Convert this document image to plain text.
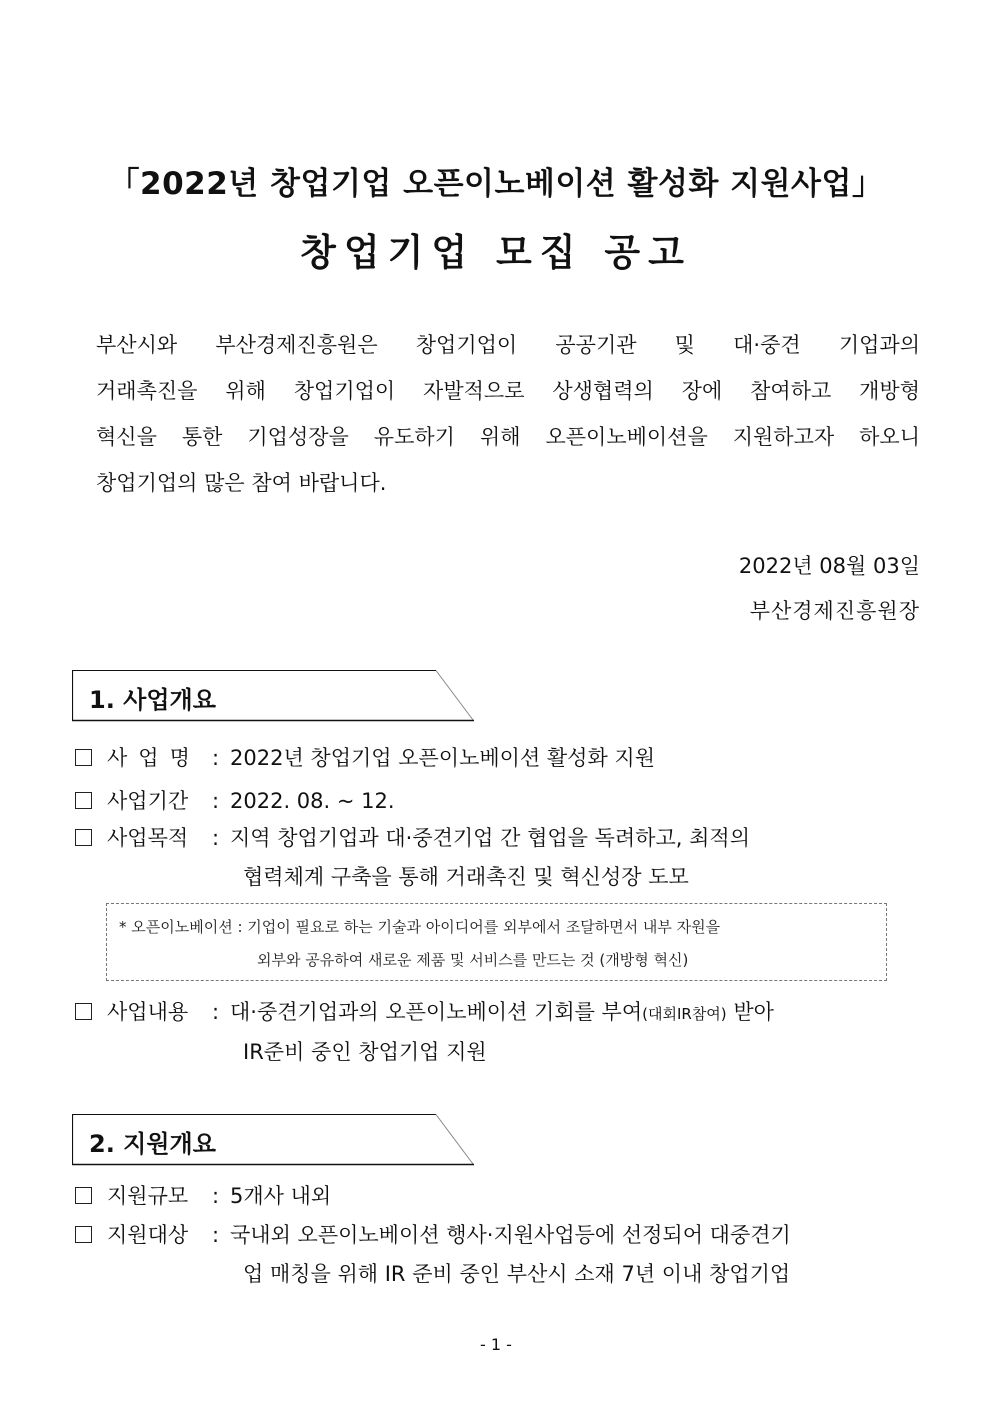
「2022년 창업기업 오픈이노베이션 활성화 지원사업」
창업기업 모집 공고
부산시와 부산경제진흥원은 창업기업이 공공기관 및 대·중견 기업과의
거래촉진을 위해 창업기업이 자발적으로 상생협력의 장에 참여하고 개방형
혁신을 통한 기업성장을 유도하기 위해 오픈이노베이션을 지원하고자 하오니
창업기업의 많은 참여 바랍니다.
2022년 08월 03일
부산경제진흥원장
1. 사업개요
사업명 : 2022년 창업기업 오픈이노베이션 활성화 지원
사업기간 : 2022. 08. ~ 12.
사업목적 : 지역 창업기업과 대·중견기업 간 협업을 독려하고, 최적의
협력체계 구축을 통해 거래촉진 및 혁신성장 도모
* 오픈이노베이션 : 기업이 필요로 하는 기술과 아이디어를 외부에서 조달하면서 내부 자원을
외부와 공유하여 새로운 제품 및 서비스를 만드는 것 (개방형 혁신)
사업내용 : 대·중견기업과의 오픈이노베이션 기회를 부여(대회IR참여) 받아
IR준비 중인 창업기업 지원
2. 지원개요
지원규모 : 5개사 내외
지원대상 : 국내외 오픈이노베이션 행사·지원사업등에 선정되어 대중견기
업 매칭을 위해 IR 준비 중인 부산시 소재 7년 이내 창업기업
- 1 -
